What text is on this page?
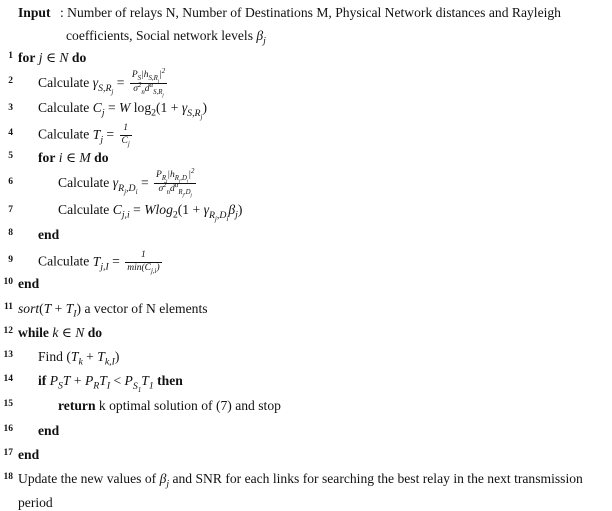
Input : Number of relays N, Number of Destinations M, Physical Network distances and Rayleigh
coefficients, Social network levels $\beta_j$
1 for j ∈ N do
2 Calculate $\gamma_{S,R_j} = \frac{P_S|h_{S,R_j}|^2}{\sigma^2_nd^\alpha_{S,R_j}}$
3 Calculate $C_j = W$ $\log_2(1 + \gamma_{S,R_j})$
4 Calculate $T_j = \frac{1}{C_j}$
5 for i ∈ M do
6	Calculate $\gamma_{R_j,D_i} = \frac{P_{R_j}|h_{R_j,D_i}|^2}{\sigma^2_nd^\alpha_{R_j,D_j}}$
7	Calculate $C_{j,i} = Wlog_2(1 + \gamma_{R_j,D_i}\beta_j)$
8 end
9 Calculate $T_{j,I} = \frac{1}{\min(C_{j,i})}$
10 end
11 sort(T + $T_I$) a vector of N elements
12 while k ∈ N do
13 Find $(T_k + T_{k,I})$
14 if $P_ST + P_RT_I < P_{S_1}T_1$ then
15	return k optimal solution of (7) and stop
16 end
17 end
18 Update the new values of $\beta_j$ and SNR for each links for searching the best relay in the next transmission
period
